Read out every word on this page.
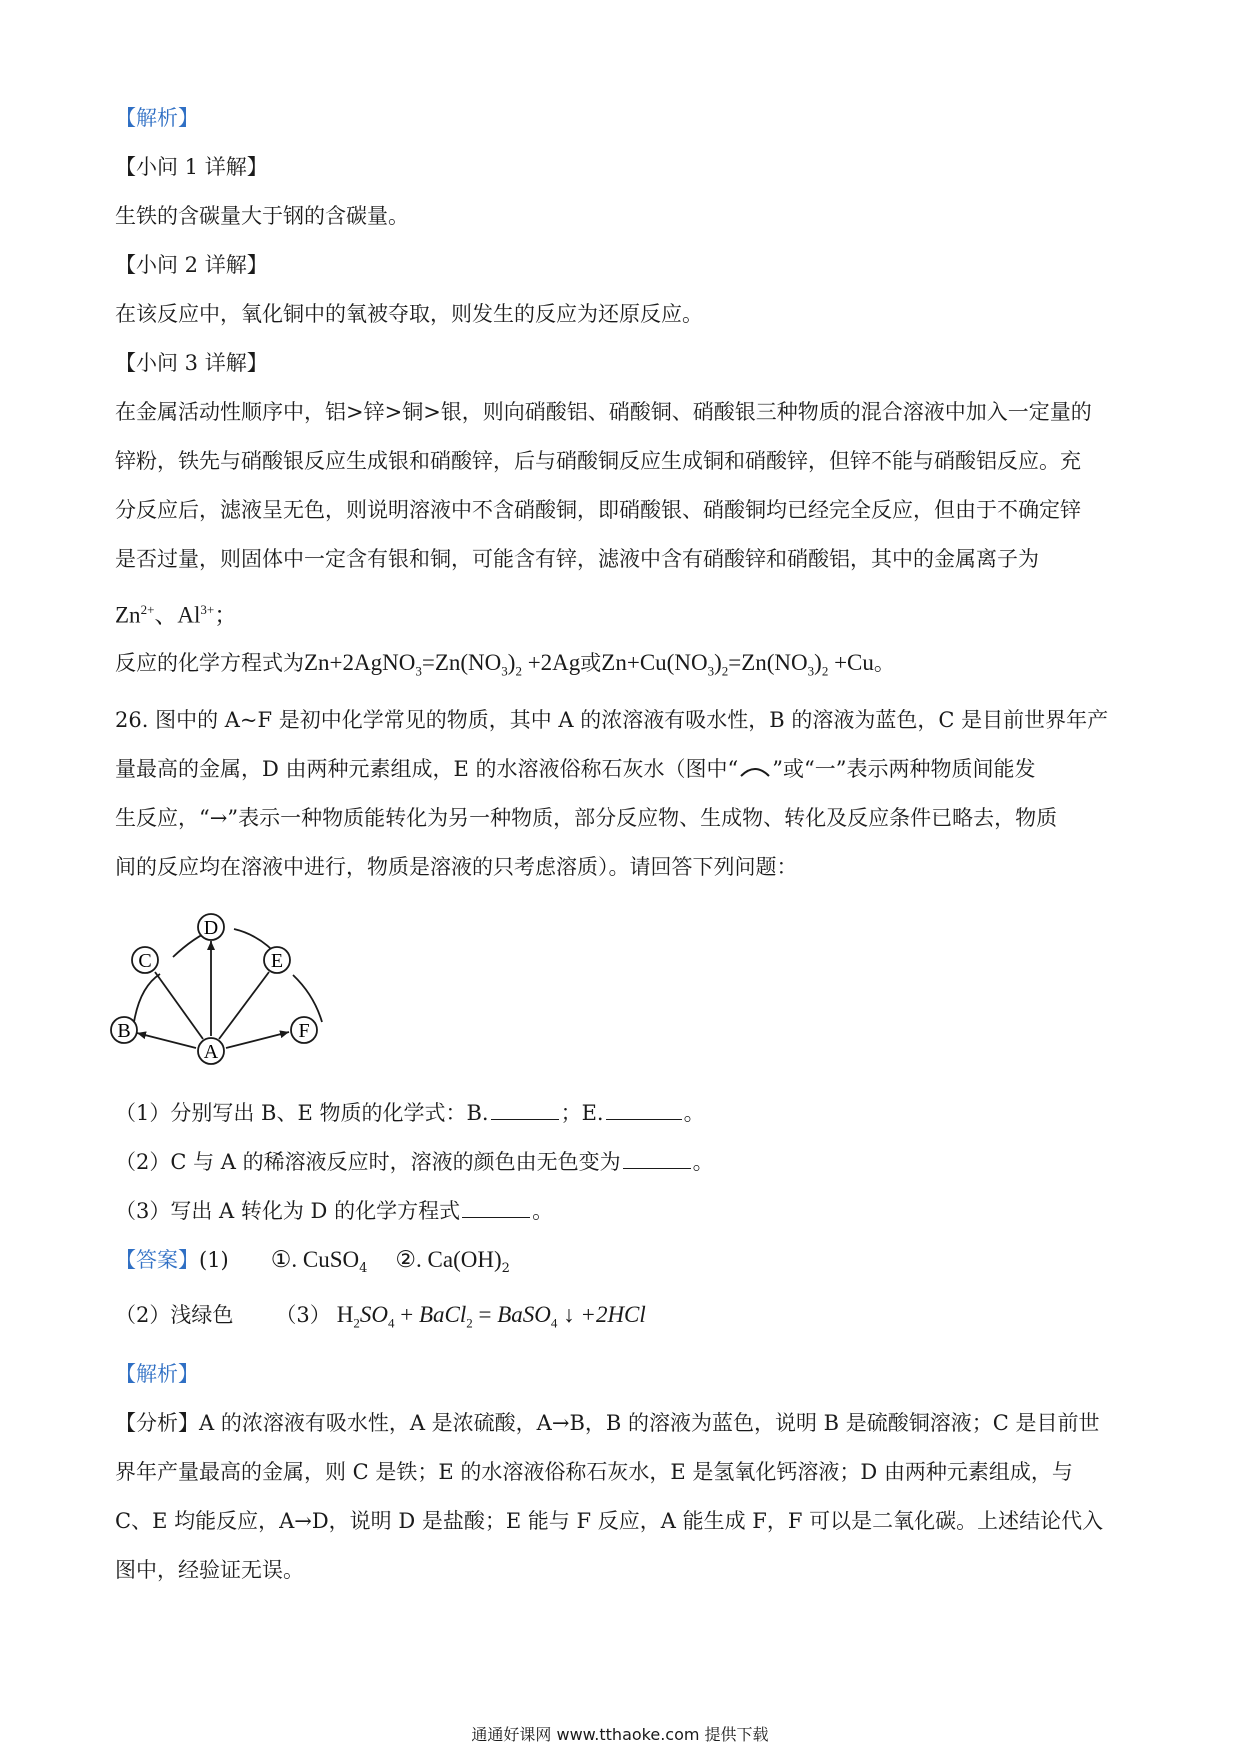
【解析】
【小问 1 详解】
生铁的含碳量大于钢的含碳量。
【小问 2 详解】
在该反应中，氧化铜中的氧被夺取，则发生的反应为还原反应。
【小问 3 详解】
在金属活动性顺序中，铝>锌>铜>银，则向硝酸铝、硝酸铜、硝酸银三种物质的混合溶液中加入一定量的
锌粉，铁先与硝酸银反应生成银和硝酸锌，后与硝酸铜反应生成铜和硝酸锌，但锌不能与硝酸铝反应。充
分反应后，滤液呈无色，则说明溶液中不含硝酸铜，即硝酸银、硝酸铜均已经完全反应，但由于不确定锌
是否过量，则固体中一定含有银和铜，可能含有锌，滤液中含有硝酸锌和硝酸铝，其中的金属离子为
$Zn^{2+}$、$Al^{3+}$；
反应的化学方程式为$Zn+2AgNO_3=Zn(NO_3)_2 +2Ag$或$Zn+Cu(NO_3)_2=Zn(NO_3)_2 +Cu$。
26. 图中的 A~F 是初中化学常见的物质，其中 A 的浓溶液有吸水性，B 的溶液为蓝色，C 是目前世界年产
量最高的金属，D 由两种元素组成，E 的水溶液俗称石灰水（图中“ ”或“一”表示两种物质间能发
生反应，“→”表示一种物质能转化为另一种物质，部分反应物、生成物、转化及反应条件已略去，物质
间的反应均在溶液中进行，物质是溶液的只考虑溶质）。请回答下列问题：
D
C	E
B	F
A
（1）分别写出 B、E 物质的化学式：B.	；E.	。
（2）C 与 A 的稀溶液反应时，溶液的颜色由无色变为	。
（3）写出 A 转化为 D 的化学方程式	。
【答案】(1) ①. CuSO$_4$ ②. $Ca(OH)_2$
（2）浅绿色 （3） $H_2SO_4$ + BaCl$_2$ = BaSO$_4$ ↓ +2HCl
【解析】
【分析】A 的浓溶液有吸水性，A 是浓硫酸，A→B，B 的溶液为蓝色，说明 B 是硫酸铜溶液；C 是目前世
界年产量最高的金属，则 C 是铁；E 的水溶液俗称石灰水，E 是氢氧化钙溶液；D 由两种元素组成，与
C、E 均能反应，A→D，说明 D 是盐酸；E 能与 F 反应，A 能生成 F，F 可以是二氧化碳。上述结论代入
图中，经验证无误。
通通好课网 www.tthaoke.com 提供下载
